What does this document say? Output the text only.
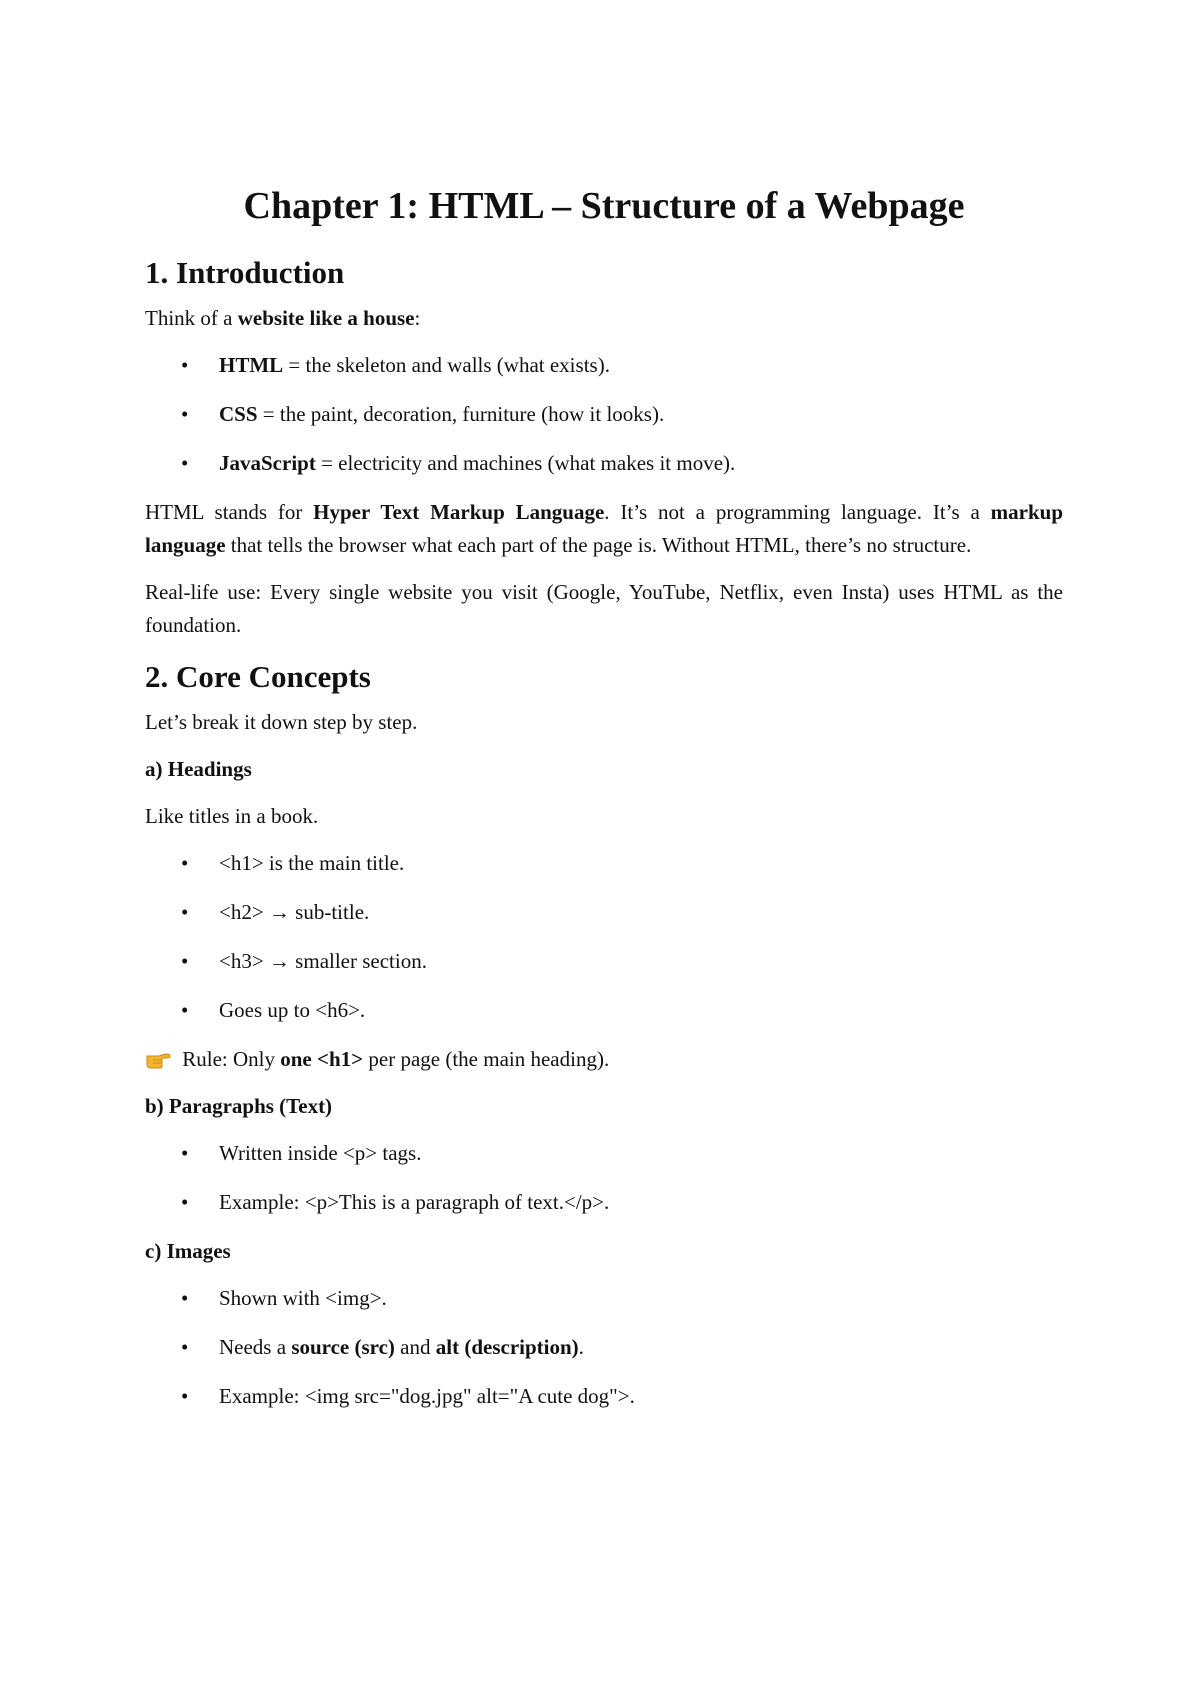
Chapter 1: HTML – Structure of a Webpage
1. Introduction

Think of a website like a house:

• HTML = the skeleton and walls (what exists).
• CSS = the paint, decoration, furniture (how it looks).
• JavaScript = electricity and machines (what makes it move).

HTML stands for Hyper Text Markup Language. It’s not a programming language. It’s a markup language that tells the browser what each part of the page is. Without HTML, there’s no structure.

Real-life use: Every single website you visit (Google, YouTube, Netflix, even Insta) uses HTML as the foundation.

2. Core Concepts

Let’s break it down step by step.

a) Headings

Like titles in a book.

• <h1> is the main title.
• <h2> → sub-title.
• <h3> → smaller section.
• Goes up to <h6>.

Rule: Only one <h1> per page (the main heading).

b) Paragraphs (Text)
• Written inside <p> tags.
• Example: <p>This is a paragraph of text.</p>.
c) Images
• Shown with <img>.
• Needs a source (src) and alt (description).
• Example: <img src="dog.jpg" alt="A cute dog">.
